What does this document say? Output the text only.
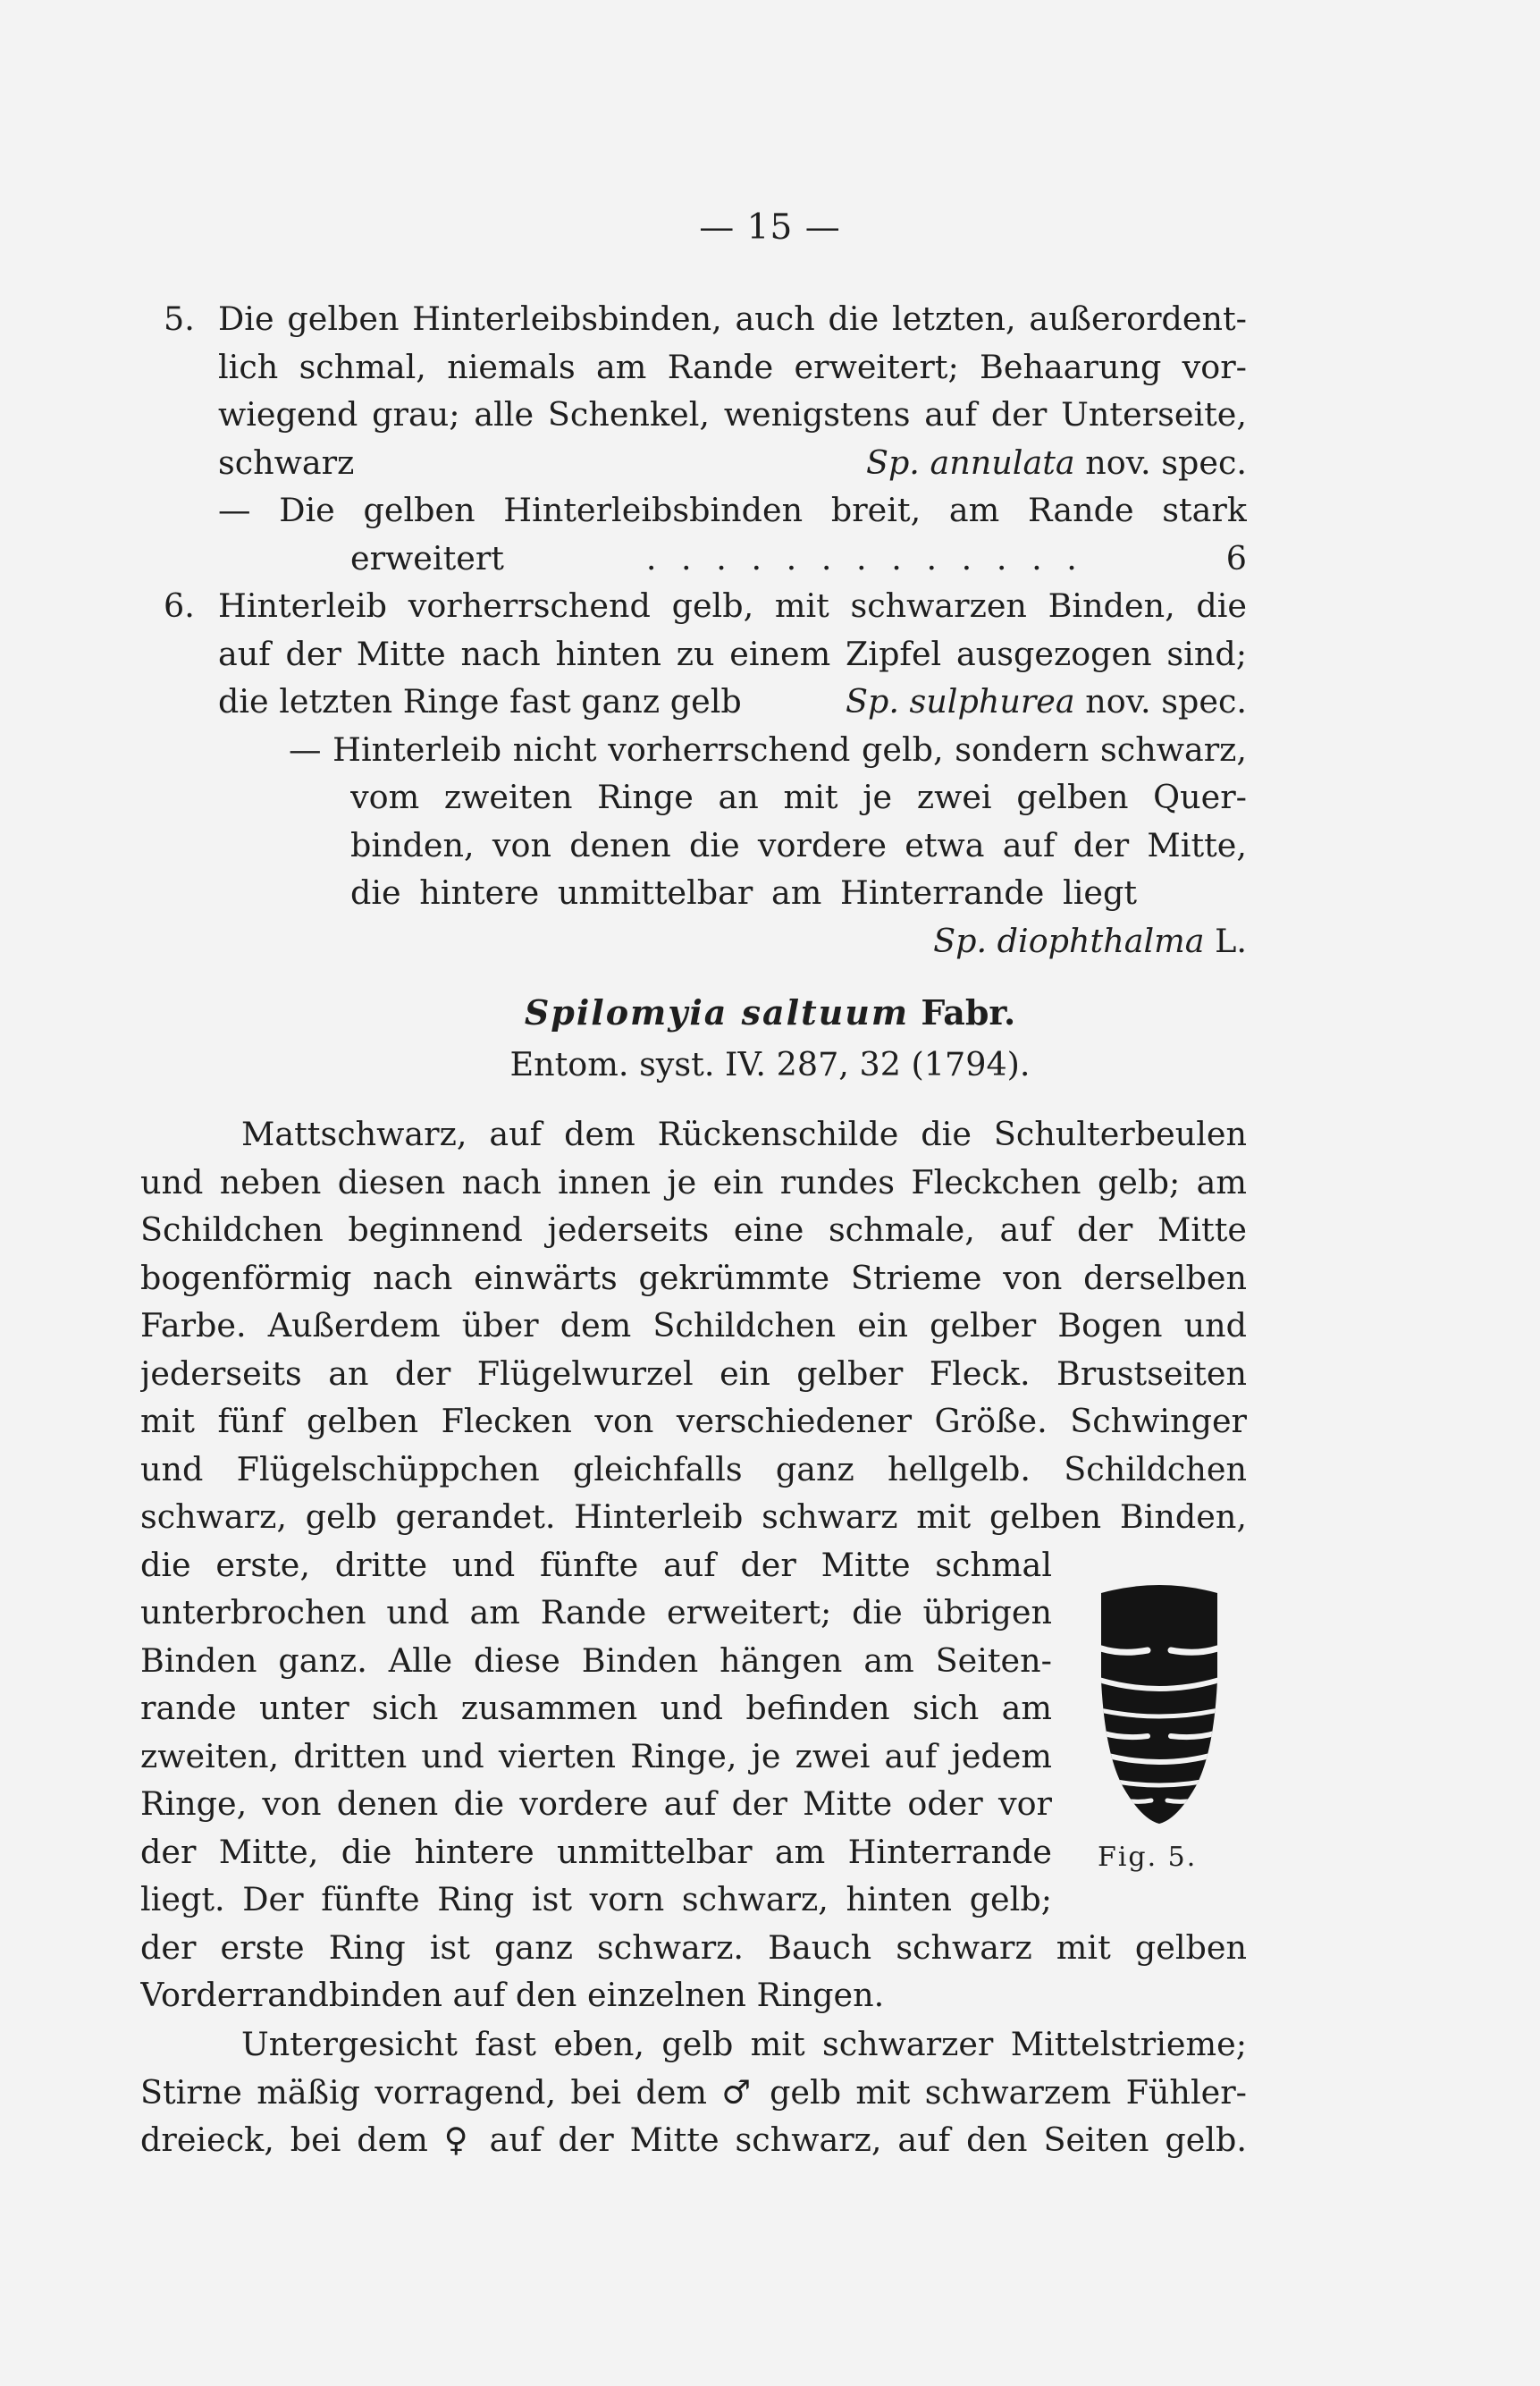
— 15 —
5. Die gelben Hinterleibsbinden, auch die letzten, außerordent-
lich schmal, niemals am Rande erweitert; Behaarung vor-
wiegend grau; alle Schenkel, wenigstens auf der Unterseite,
schwarz	Sp. annulata nov. spec.
— Die gelben Hinterleibsbinden breit, am Rande stark
erweitert	. . . . . . . . . . . . .	6
6. Hinterleib vorherrschend gelb, mit schwarzen Binden, die
auf der Mitte nach hinten zu einem Zipfel ausgezogen sind;
die letzten Ringe fast ganz gelb	Sp. sulphurea nov. spec.
— Hinterleib nicht vorherrschend gelb, sondern schwarz,
vom zweiten Ringe an mit je zwei gelben Quer-
binden, von denen die vordere etwa auf der Mitte,
die hintere unmittelbar am Hinterrande liegt
Sp. diophthalma L.
Spilomyia saltuum Fabr.
Entom. syst. IV. 287, 32 (1794).
Mattschwarz, auf dem Rückenschilde die Schulterbeulen
und neben diesen nach innen je ein rundes Fleckchen gelb; am
Schildchen beginnend jederseits eine schmale, auf der Mitte
bogenförmig nach einwärts gekrümmte Strieme von derselben
Farbe. Außerdem über dem Schildchen ein gelber Bogen und
jederseits an der Flügelwurzel ein gelber Fleck. Brustseiten
mit fünf gelben Flecken von verschiedener Größe. Schwinger
und Flügelschüppchen gleichfalls ganz hellgelb. Schildchen
schwarz, gelb gerandet. Hinterleib schwarz mit gelben Binden,
die erste, dritte und fünfte auf der Mitte schmal
unterbrochen und am Rande erweitert; die übrigen
Binden ganz. Alle diese Binden hängen am Seiten-
rande unter sich zusammen und befinden sich am
zweiten, dritten und vierten Ringe, je zwei auf jedem
Ringe, von denen die vordere auf der Mitte oder vor
der Mitte, die hintere unmittelbar am Hinterrande
liegt. Der fünfte Ring ist vorn schwarz, hinten gelb;
der erste Ring ist ganz schwarz. Bauch schwarz mit gelben
Vorderrandbinden auf den einzelnen Ringen.
Untergesicht fast eben, gelb mit schwarzer Mittelstrieme;
Stirne mäßig vorragend, bei dem ♂ gelb mit schwarzem Fühler-
dreieck, bei dem ♀ auf der Mitte schwarz, auf den Seiten gelb.
Fig. 5.
